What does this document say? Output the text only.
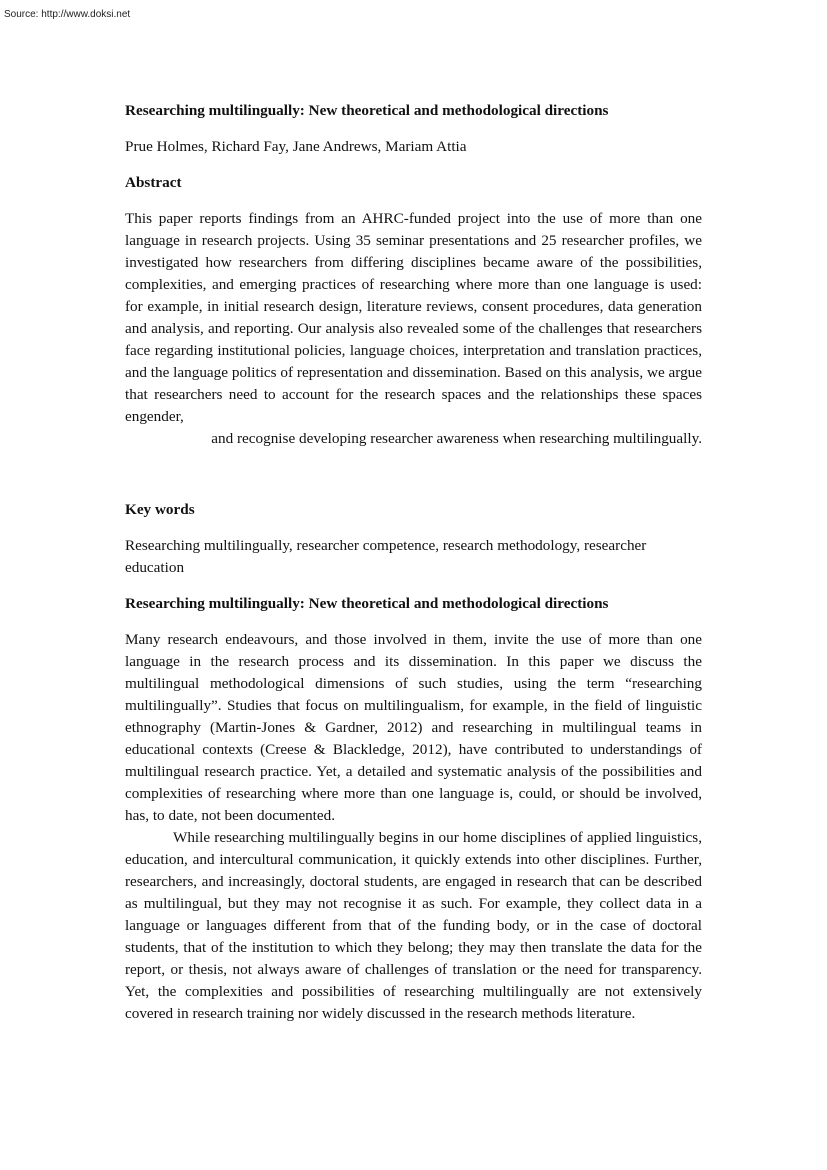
Source: http://www.doksi.net

Researching multilingually: New theoretical and methodological directions

Prue Holmes, Richard Fay, Jane Andrews, Mariam Attia

Abstract

This paper reports findings from an AHRC-funded project into the use of more than one language in research projects. Using 35 seminar presentations and 25 researcher profiles, we investigated how researchers from differing disciplines became aware of the possibilities, complexities, and emerging practices of researching where more than one language is used: for example, in initial research design, literature reviews, consent procedures, data generation and analysis, and reporting. Our analysis also revealed some of the challenges that researchers face regarding institutional policies, language choices, interpretation and translation practices, and the language politics of representation and dissemination. Based on this analysis, we argue that researchers need to account for the research spaces and the relationships these spaces engender,

and recognise developing researcher awareness when researching multilingually.

Key words

Researching multilingually, researcher competence, research methodology, researcher education

Researching multilingually: New theoretical and methodological directions

Many research endeavours, and those involved in them, invite the use of more than one language in the research process and its dissemination. In this paper we discuss the multilingual methodological dimensions of such studies, using the term “researching multilingually”. Studies that focus on multilingualism, for example, in the field of linguistic ethnography (Martin-Jones & Gardner, 2012) and researching in multilingual teams in educational contexts (Creese & Blackledge, 2012), have contributed to understandings of multilingual research practice. Yet, a detailed and systematic analysis of the possibilities and complexities of researching where more than one language is, could, or should be involved, has, to date, not been documented.

While researching multilingually begins in our home disciplines of applied linguistics, education, and intercultural communication, it quickly extends into other disciplines. Further, researchers, and increasingly, doctoral students, are engaged in research that can be described as multilingual, but they may not recognise it as such. For example, they collect data in a language or languages different from that of the funding body, or in the case of doctoral students, that of the institution to which they belong; they may then translate the data for the report, or thesis, not always aware of challenges of translation or the need for transparency. Yet, the complexities and possibilities of researching multilingually are not extensively covered in research training nor widely discussed in the research methods literature.
